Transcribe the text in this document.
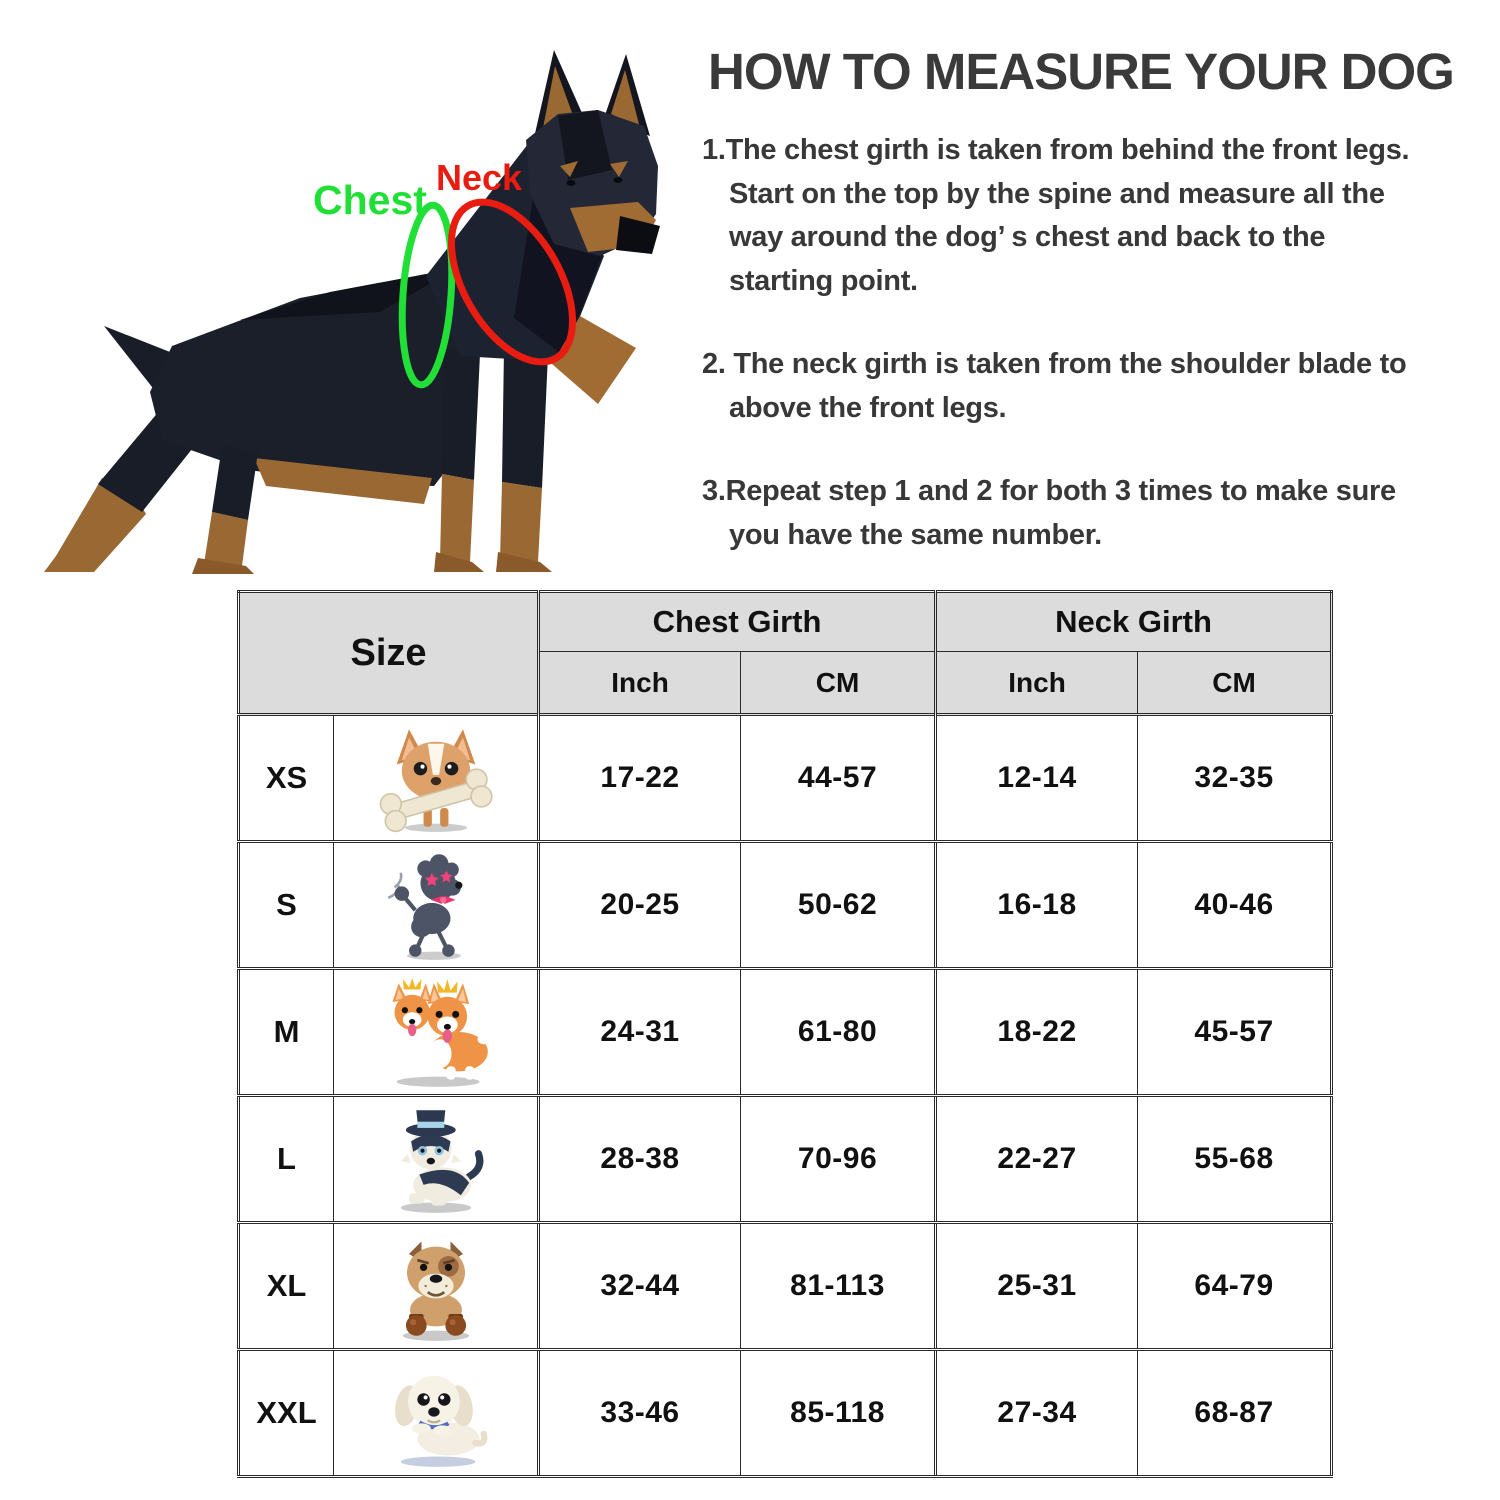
Chest Neck
HOW TO MEASURE YOUR DOG

1.The chest girth is taken from behind the front legs.
Start on the top by the spine and measure all the
way around the dog’ s chest and back to the
starting point.

2. The neck girth is taken from the shoulder blade to
above the front legs.

3.Repeat step 1 and 2 for both 3 times to make sure
you have the same number.

Size		Chest Girth		Neck Girth	
		Inch	CM	Inch	CM
XS		17-22	44-57	12-14	32-35
S		20-25	50-62	16-18	40-46
M		24-31	61-80	18-22	45-57
L		28-38	70-96	22-27	55-68
XL		32-44	81-113	25-31	64-79
XXL		33-46	85-118	27-34	68-87
